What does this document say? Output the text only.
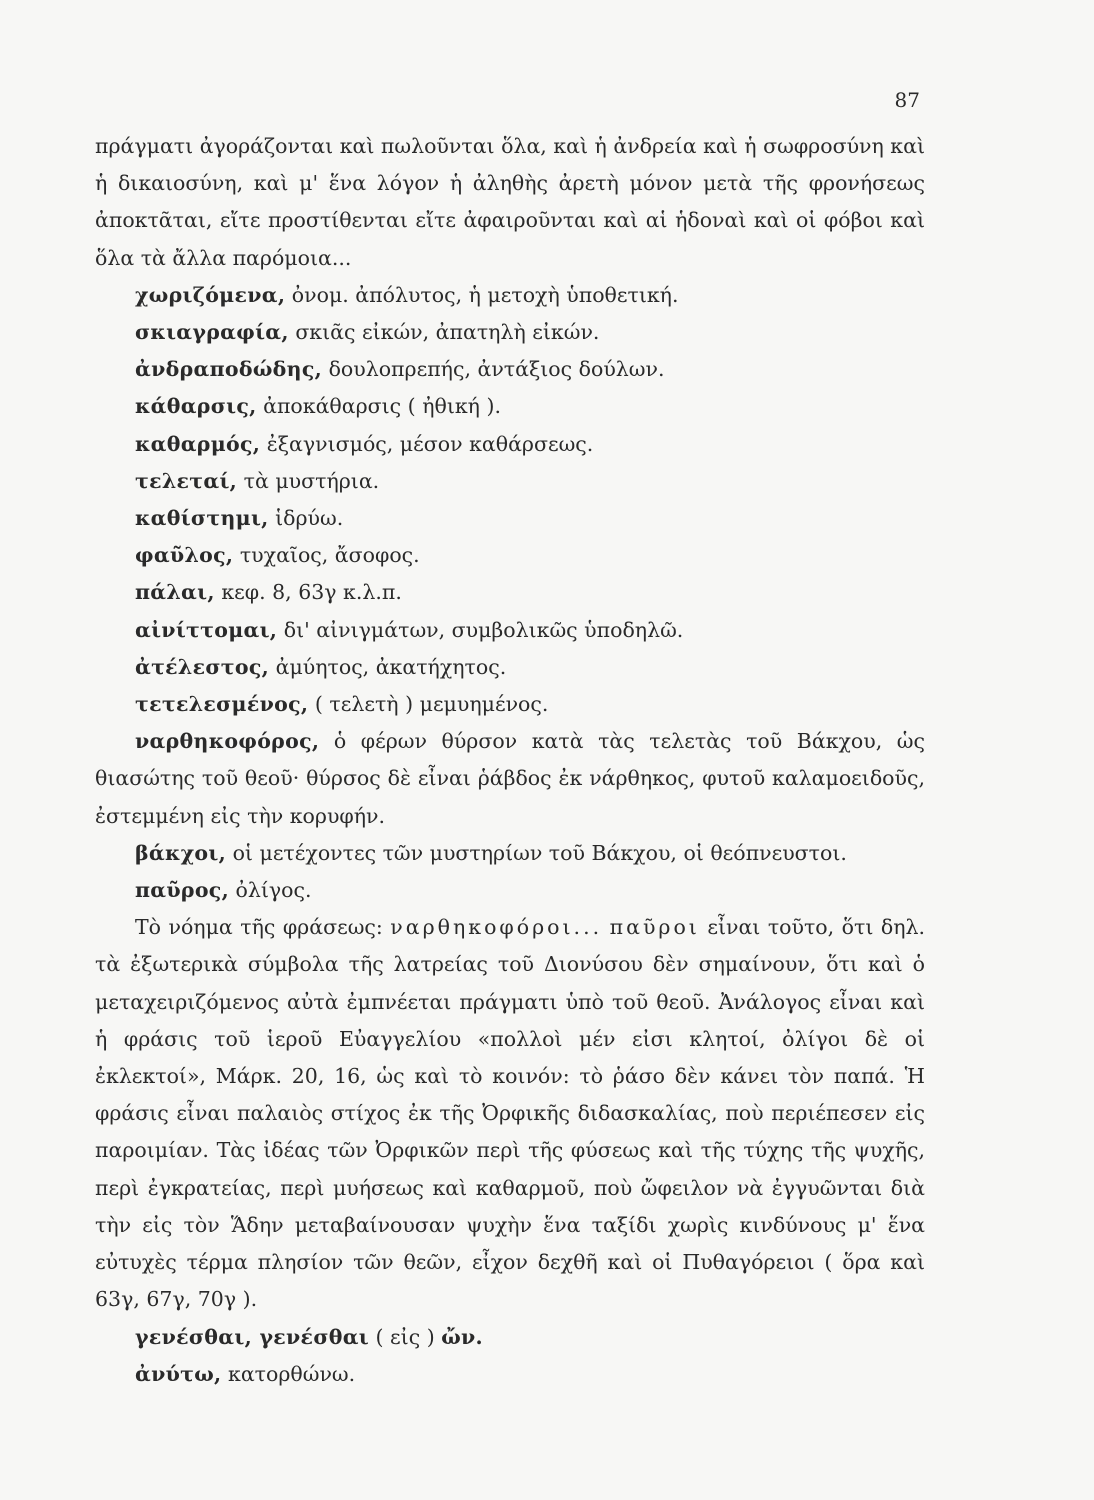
87

πράγματι ἀγοράζονται καὶ πωλοῦνται ὅλα, καὶ ἡ ἀνδρεία καὶ ἡ σωφροσύνη καὶ ἡ δικαιοσύνη, καὶ μ' ἕνα λόγον ἡ ἀληθὴς ἀρετὴ μόνον μετὰ τῆς φρονήσεως ἀποκτᾶται, εἴτε προστίθενται εἴτε ἀφαιροῦνται καὶ αἱ ἡδοναὶ καὶ οἱ φόβοι καὶ ὅλα τὰ ἄλλα παρόμοια...

χωριζόμενα, ὀνομ. ἀπόλυτος, ἡ μετοχὴ ὑποθετική.

σκιαγραφία, σκιᾶς εἰκών, ἀπατηλὴ εἰκών.

ἀνδραποδώδης, δουλοπρεπής, ἀντάξιος δούλων.

κάθαρσις, ἀποκάθαρσις ( ἠθική ).

καθαρμός, ἐξαγνισμός, μέσον καθάρσεως.

τελεταί, τὰ μυστήρια.

καθίστημι, ἱδρύω.

φαῦλος, τυχαῖος, ἄσοφος.

πάλαι, κεφ. 8, 63γ κ.λ.π.

αἰνίττομαι, δι' αἰνιγμάτων, συμβολικῶς ὑποδηλῶ.

ἀτέλεστος, ἀμύητος, ἀκατήχητος.

τετελεσμένος, ( τελετὴ ) μεμυημένος.

ναρθηκοφόρος, ὁ φέρων θύρσον κατὰ τὰς τελετὰς τοῦ Βάκχου, ὡς θιασώτης τοῦ θεοῦ· θύρσος δὲ εἶναι ῥάβδος ἐκ νάρθηκος, φυτοῦ καλαμοειδοῦς, ἐστεμμένη εἰς τὴν κορυφήν.

βάκχοι, οἱ μετέχοντες τῶν μυστηρίων τοῦ Βάκχου, οἱ θεόπνευστοι.

παῦρος, ὀλίγος.

Τὸ νόημα τῆς φράσεως: ναρθηκοφόροι... παῦροι εἶναι τοῦτο, ὅτι δηλ. τὰ ἐξωτερικὰ σύμβολα τῆς λατρείας τοῦ Διονύσου δὲν σημαίνουν, ὅτι καὶ ὁ μεταχειριζόμενος αὐτὰ ἐμπνέεται πράγματι ὑπὸ τοῦ θεοῦ. Ἀνάλογος εἶναι καὶ ἡ φράσις τοῦ ἱεροῦ Εὐαγγελίου «πολλοὶ μέν εἰσι κλητοί, ὀλίγοι δὲ οἱ ἐκλεκτοί», Μάρκ. 20, 16, ὡς καὶ τὸ κοινόν: τὸ ῥάσο δὲν κάνει τὸν παπά. Ἡ φράσις εἶναι παλαιὸς στίχος ἐκ τῆς Ὀρφικῆς διδασκαλίας, ποὺ περιέπεσεν εἰς παροιμίαν. Τὰς ἰδέας τῶν Ὀρφικῶν περὶ τῆς φύσεως καὶ τῆς τύχης τῆς ψυχῆς, περὶ ἐγκρατείας, περὶ μυήσεως καὶ καθαρμοῦ, ποὺ ὤφειλον νὰ ἐγγυῶνται διὰ τὴν εἰς τὸν Ἅδην μεταβαίνουσαν ψυχὴν ἕνα ταξίδι χωρὶς κινδύνους μ' ἕνα εὐτυχὲς τέρμα πλησίον τῶν θεῶν, εἶχον δεχθῆ καὶ οἱ Πυθαγόρειοι ( ὅρα καὶ 63γ, 67γ, 70γ ).

γενέσθαι, γενέσθαι ( εἰς ) ὤν.

ἀνύτω, κατορθώνω.
